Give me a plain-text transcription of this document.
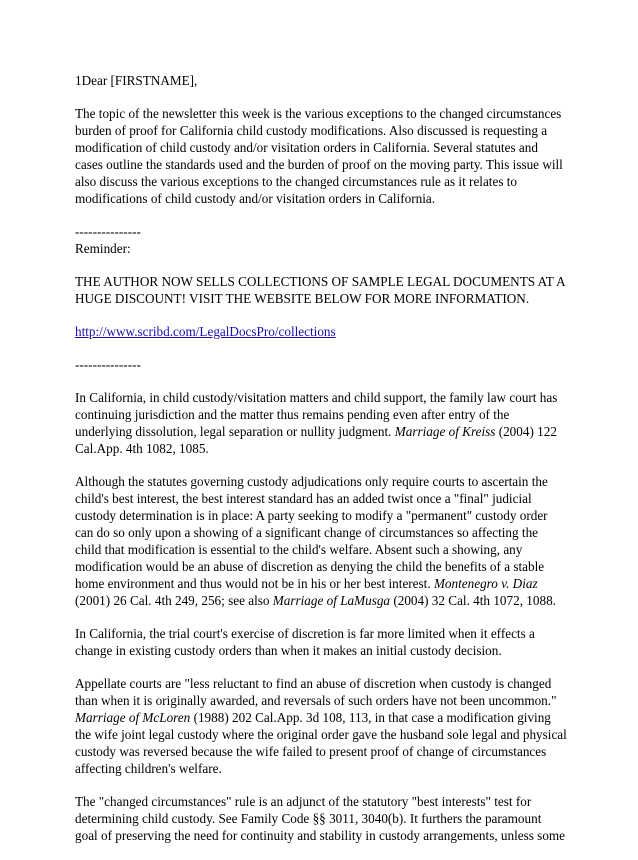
1Dear [FIRSTNAME],

The topic of the newsletter this week is the various exceptions to the changed circumstances burden of proof for California child custody modifications. Also discussed is requesting a modification of child custody and/or visitation orders in California. Several statutes and cases outline the standards used and the burden of proof on the moving party. This issue will also discuss the various exceptions to the changed circumstances rule as it relates to modifications of child custody and/or visitation orders in California.

---------------

Reminder:

THE AUTHOR NOW SELLS COLLECTIONS OF SAMPLE LEGAL DOCUMENTS AT A HUGE DISCOUNT! VISIT THE WEBSITE BELOW FOR MORE INFORMATION.

http://www.scribd.com/LegalDocsPro/collections

---------------

In California, in child custody/visitation matters and child support, the family law court has continuing jurisdiction and the matter thus remains pending even after entry of the underlying dissolution, legal separation or nullity judgment. Marriage of Kreiss (2004) 122 Cal.App. 4th 1082, 1085.

Although the statutes governing custody adjudications only require courts to ascertain the child's best interest, the best interest standard has an added twist once a "final" judicial custody determination is in place: A party seeking to modify a "permanent" custody order can do so only upon a showing of a significant change of circumstances so affecting the child that modification is essential to the child's welfare. Absent such a showing, any modification would be an abuse of discretion as denying the child the benefits of a stable home environment and thus would not be in his or her best interest. Montenegro v. Diaz (2001) 26 Cal. 4th 249, 256; see also Marriage of LaMusga (2004) 32 Cal. 4th 1072, 1088.

In California, the trial court's exercise of discretion is far more limited when it effects a change in existing custody orders than when it makes an initial custody decision.

Appellate courts are "less reluctant to find an abuse of discretion when custody is changed than when it is originally awarded, and reversals of such orders have not been uncommon." Marriage of McLoren (1988) 202 Cal.App. 3d 108, 113, in that case a modification giving the wife joint legal custody where the original order gave the husband sole legal and physical custody was reversed because the wife failed to present proof of change of circumstances affecting children's welfare.

The "changed circumstances" rule is an adjunct of the statutory "best interests" test for determining child custody. See Family Code §§ 3011, 3040(b). It furthers the paramount goal of preserving the need for continuity and stability in custody arrangements, unless some
